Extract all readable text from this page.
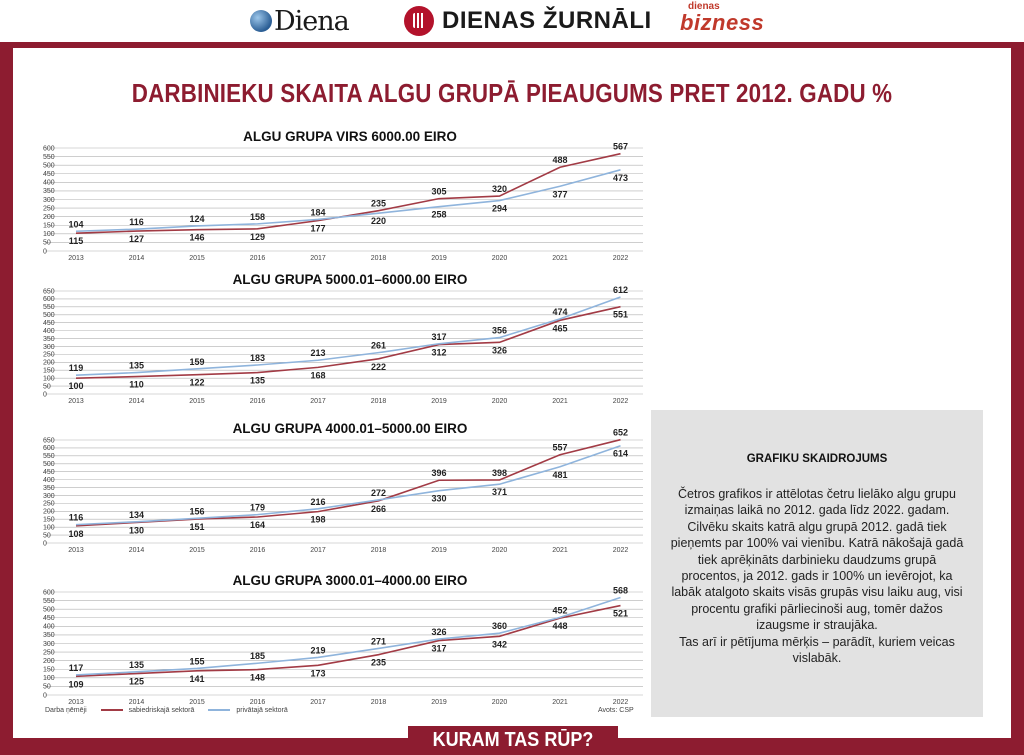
Diena	DIENAS ŽURNĀLI
dienas
bizness
DARBINIEKU SKAITA ALGU GRUPĀ PIEAUGUMS PRET 2012. GADU %
ALGU GRUPA VIRS 6000.00 EIRO
0
50
100
150
200
250
300
350
400
450
500
550
600
2013	2014	2015	2016	2017	2018	2019	2020	2021	2022
104	116	124
129
177
235
305	320
488
567
115	127	146
158	184
220
258
294
377
473
ALGU GRUPA 5000.01–6000.00 EIRO
0
50
100
150
200
250
300
350
400
450
500
550
600
650
2013	2014	2015	2016	2017	2018	2019	2020	2021	2022
100	110	122	135
168
222
312	326
465
551
119	135	159	183	213
261
317
356
474
612
ALGU GRUPA 4000.01–5000.00 EIRO
0
50
100
150
200
250
300
350
400
450
500
550
600
650
2013	2014	2015	2016	2017	2018	2019	2020	2021	2022
108	130	151	164
198
266
396	398
557
652
116	134	156	179
216
272
330
371
481
614
ALGU GRUPA 3000.01–4000.00 EIRO
0
50
100
150
200
250
300
350
400
450
500
550
600
2013	2014	2015	2016	2017	2018	2019	2020	2021	2022
109	125	141	148	173
235
317	342
448
521
117	135	155
185
219
271
326
360
452
568
Darba ņēmēji	sabiedriskajā sektorā	privātajā sektorā	Avots: CSP
GRAFIKU SKAIDROJUMS
Četros grafikos ir attēlotas četru lielāko algu grupu izmaiņas laikā no 2012. gada līdz 2022. gadam. Cilvēku skaits katrā algu grupā 2012. gadā tiek pieņemts par 100% vai vienību. Katrā nākošajā gadā tiek aprēķināts darbinieku daudzums grupā procentos, ja 2012. gads ir 100% un ievērojot, ka labāk atalgoto skaits visās grupās visu laiku aug, visi procentu grafiki pārliecinoši aug, tomēr dažos izaugsme ir straujāka.
Tas arī ir pētījuma mērķis – parādīt, kuriem veicas vislabāk.
KURAM TAS RŪP?
